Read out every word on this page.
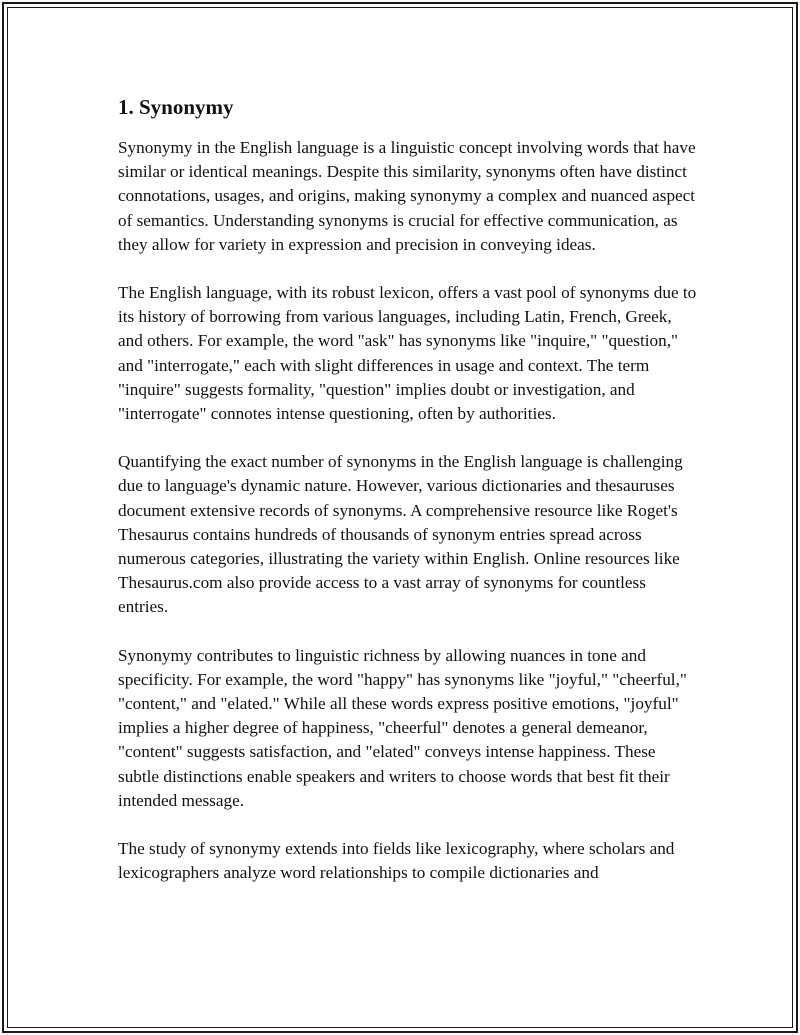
1. Synonymy

Synonymy in the English language is a linguistic concept involving words that have similar or identical meanings. Despite this similarity, synonyms often have distinct connotations, usages, and origins, making synonymy a complex and nuanced aspect of semantics. Understanding synonyms is crucial for effective communication, as they allow for variety in expression and precision in conveying ideas.

The English language, with its robust lexicon, offers a vast pool of synonyms due to its history of borrowing from various languages, including Latin, French, Greek, and others. For example, the word "ask" has synonyms like "inquire," "question," and "interrogate," each with slight differences in usage and context. The term "inquire" suggests formality, "question" implies doubt or investigation, and "interrogate" connotes intense questioning, often by authorities.

Quantifying the exact number of synonyms in the English language is challenging due to language's dynamic nature. However, various dictionaries and thesauruses document extensive records of synonyms. A comprehensive resource like Roget's Thesaurus contains hundreds of thousands of synonym entries spread across numerous categories, illustrating the variety within English. Online resources like Thesaurus.com also provide access to a vast array of synonyms for countless entries.

Synonymy contributes to linguistic richness by allowing nuances in tone and specificity. For example, the word "happy" has synonyms like "joyful," "cheerful," "content," and "elated." While all these words express positive emotions, "joyful" implies a higher degree of happiness, "cheerful" denotes a general demeanor, "content" suggests satisfaction, and "elated" conveys intense happiness. These subtle distinctions enable speakers and writers to choose words that best fit their intended message.

The study of synonymy extends into fields like lexicography, where scholars and lexicographers analyze word relationships to compile dictionaries and
